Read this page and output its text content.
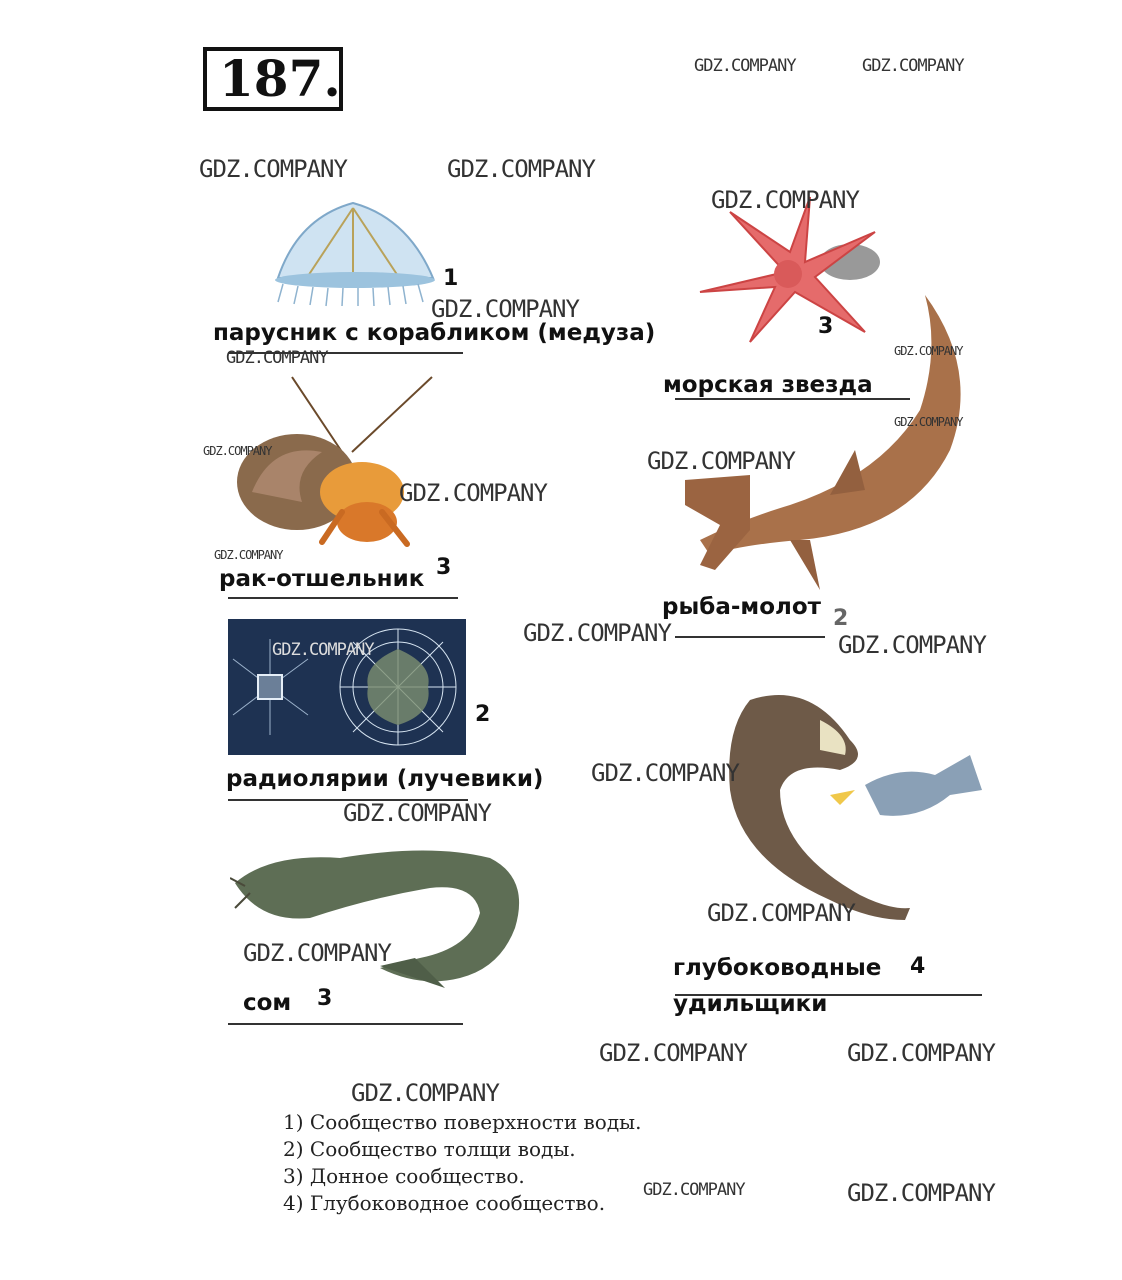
187.
парусник с корабликом (медуза)
1
морская звезда
3
рак-отшельник 3
рыба-молот 2
2
радиолярии (лучевики)
глубоководные 4
удильщики
сом 3
1) Сообщество поверхности воды.
2) Сообщество толщи воды.
3) Донное сообщество.
4) Глубоководное сообщество.
GDZ.COMPANY	GDZ.COMPANY
GDZ.COMPANY	GDZ.COMPANY
GDZ.COMPANY
GDZ.COMPANY
GDZ.COMPANY	GDZ.COMPANY
GDZ.COMPANY
GDZ.COMPANY	GDZ.COMPANY
GDZ.COMPANY
GDZ.COMPANY
GDZ.COMPANY	GDZ.COMPANY
GDZ.COMPANY
GDZ.COMPANY
GDZ.COMPANY
GDZ.COMPANY
GDZ.COMPANY
GDZ.COMPANY	GDZ.COMPANY
GDZ.COMPANY
GDZ.COMPANY	GDZ.COMPANY
